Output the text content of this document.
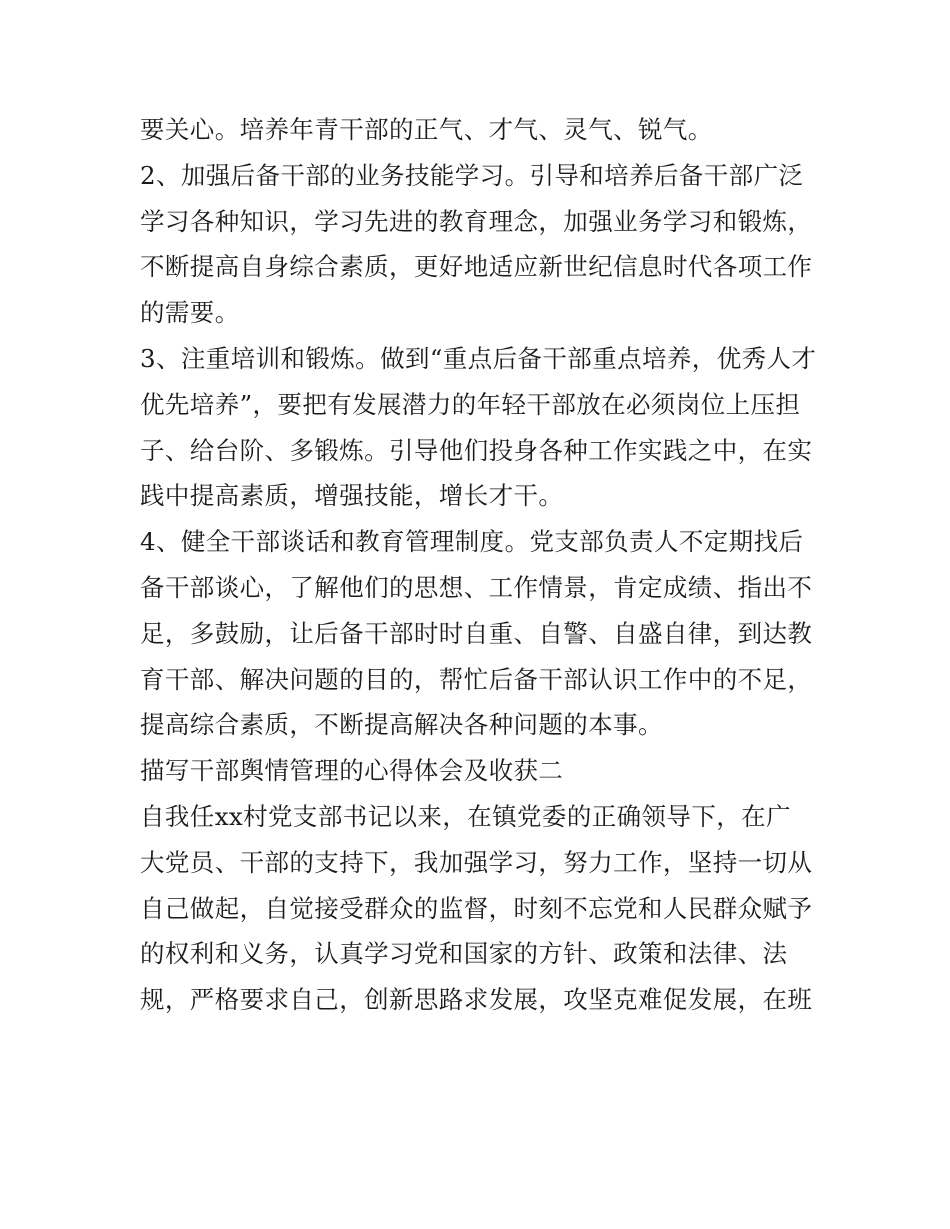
要关心。培养年青干部的正气、才气、灵气、锐气。
2、加强后备干部的业务技能学习。引导和培养后备干部广泛
学习各种知识，学习先进的教育理念，加强业务学习和锻炼，
不断提高自身综合素质，更好地适应新世纪信息时代各项工作
的需要。
3、注重培训和锻炼。做到“重点后备干部重点培养，优秀人才
优先培养”，要把有发展潜力的年轻干部放在必须岗位上压担
子、给台阶、多锻炼。引导他们投身各种工作实践之中，在实
践中提高素质，增强技能，增长才干。
4、健全干部谈话和教育管理制度。党支部负责人不定期找后
备干部谈心，了解他们的思想、工作情景，肯定成绩、指出不
足，多鼓励，让后备干部时时自重、自警、自盛自律，到达教
育干部、解决问题的目的，帮忙后备干部认识工作中的不足，
提高综合素质，不断提高解决各种问题的本事。
描写干部舆情管理的心得体会及收获二
自我任xx村党支部书记以来，在镇党委的正确领导下，在广
大党员、干部的支持下，我加强学习，努力工作，坚持一切从
自己做起，自觉接受群众的监督，时刻不忘党和人民群众赋予
的权利和义务，认真学习党和国家的方针、政策和法律、法
规，严格要求自己，创新思路求发展，攻坚克难促发展，在班
